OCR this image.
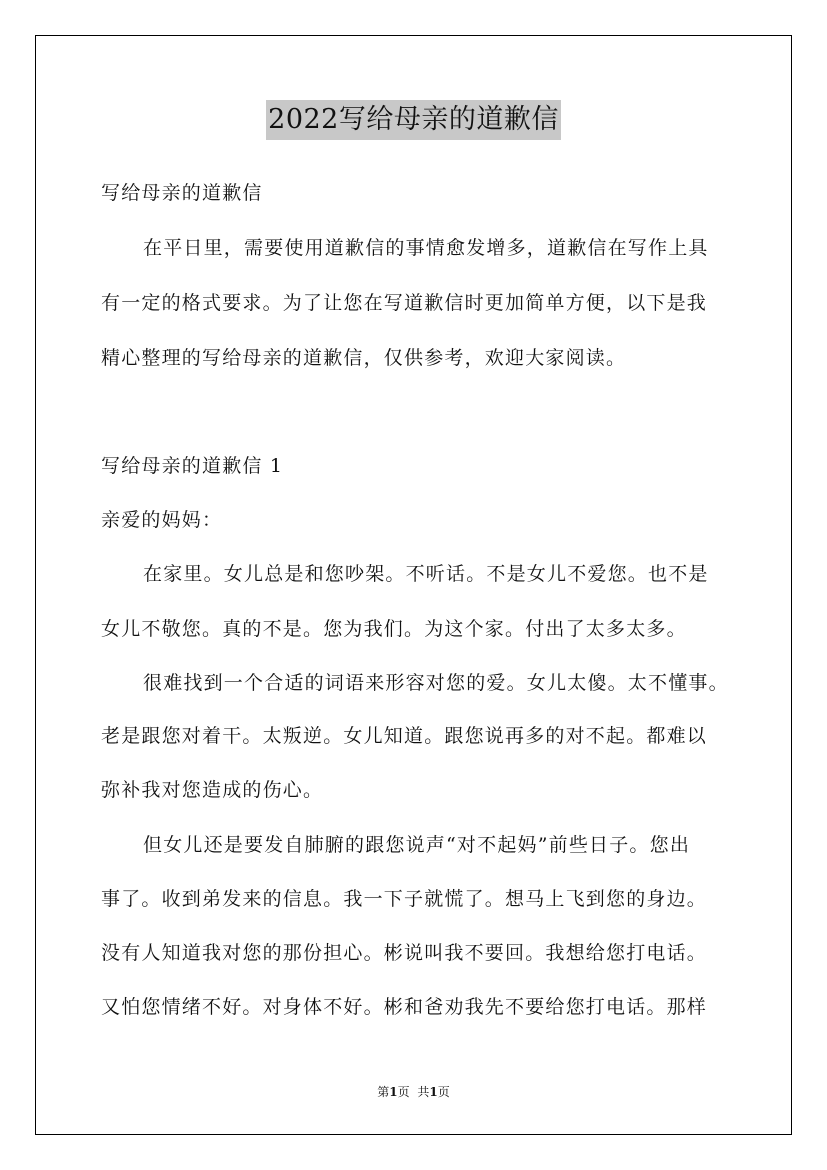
2022写给母亲的道歉信
写给母亲的道歉信
在平日里，需要使用道歉信的事情愈发增多，道歉信在写作上具
有一定的格式要求。为了让您在写道歉信时更加简单方便，以下是我
精心整理的写给母亲的道歉信，仅供参考，欢迎大家阅读。
写给母亲的道歉信 1
亲爱的妈妈：
在家里。女儿总是和您吵架。不听话。不是女儿不爱您。也不是
女儿不敬您。真的不是。您为我们。为这个家。付出了太多太多。
很难找到一个合适的词语来形容对您的爱。女儿太傻。太不懂事。
老是跟您对着干。太叛逆。女儿知道。跟您说再多的对不起。都难以
弥补我对您造成的伤心。
但女儿还是要发自肺腑的跟您说声“对不起妈”前些日子。您出
事了。收到弟发来的信息。我一下子就慌了。想马上飞到您的身边。
没有人知道我对您的那份担心。彬说叫我不要回。我想给您打电话。
又怕您情绪不好。对身体不好。彬和爸劝我先不要给您打电话。那样
第1页 共1页
